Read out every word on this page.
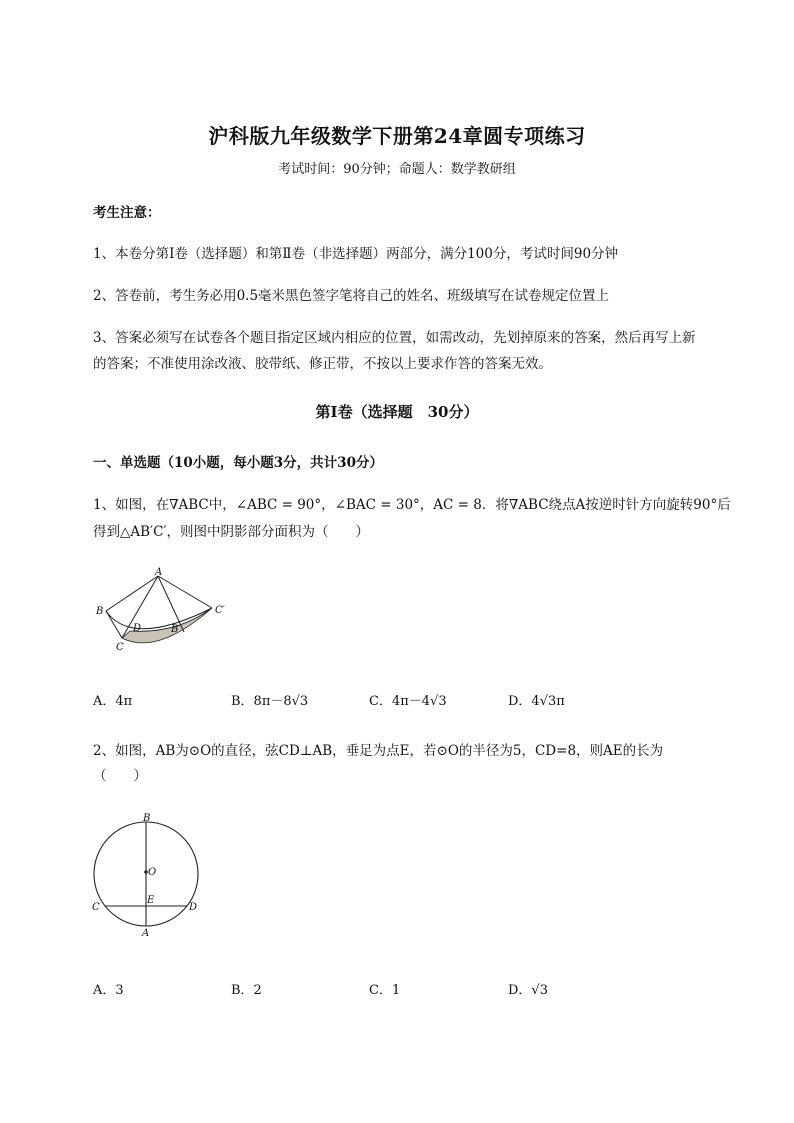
沪科版九年级数学下册第24章圆专项练习
考试时间：90分钟；命题人：数学教研组
考生注意：
1、本卷分第I卷（选择题）和第Ⅱ卷（非选择题）两部分，满分100分，考试时间90分钟
2、答卷前，考生务必用0.5毫米黑色签字笔将自己的姓名、班级填写在试卷规定位置上
3、答案必须写在试卷各个题目指定区域内相应的位置，如需改动，先划掉原来的答案，然后再写上新
的答案；不准使用涂改液、胶带纸、修正带，不按以上要求作答的答案无效。
第I卷（选择题　30分）
一、单选题（10小题，每小题3分，共计30分）
1、如图，在∇ABC中，∠ABC = 90°，∠BAC = 30°，AC = 8．将∇ABC绕点A按逆时针方向旋转90°后
得到△AB′C′，则图中阴影部分面积为（　　）
A
B
C
D	B′
C′
A．4π	B．8π－8√3	C．4π－4√3	D．4√3π
2、如图，AB为⊙O的直径，弦CD⊥AB，垂足为点E，若⊙O的半径为5，CD=8，则AE的长为
（　　）
B
O
E
C	D
A
A．3	B．2	C．1	D．√3
